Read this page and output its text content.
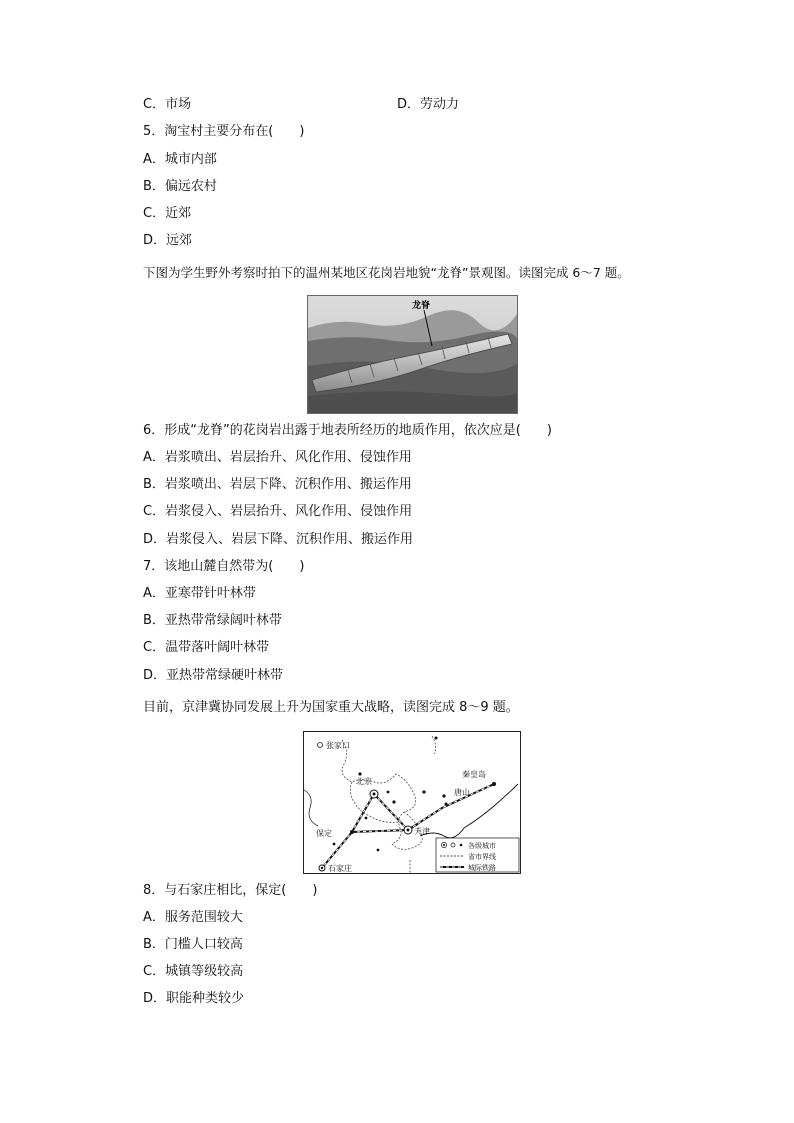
C．市场	D．劳动力
5．淘宝村主要分布在(　　)
A．城市内部
B．偏远农村
C．近郊
D．远郊
下图为学生野外考察时拍下的温州某地区花岗岩地貌“龙脊”景观图。读图完成 6～7 题。
龙脊
6．形成“龙脊”的花岗岩出露于地表所经历的地质作用，依次应是(　　)
A．岩浆喷出、岩层抬升、风化作用、侵蚀作用
B．岩浆喷出、岩层下降、沉积作用、搬运作用
C．岩浆侵入、岩层抬升、风化作用、侵蚀作用
D．岩浆侵入、岩层下降、沉积作用、搬运作用
7．该地山麓自然带为(　　)
A．亚寒带针叶林带
B．亚热带常绿阔叶林带
C．温带落叶阔叶林带
D．亚热带常绿硬叶林带
目前，京津冀协同发展上升为国家重大战略，读图完成 8～9 题。
张家口
北京
秦皇岛
唐山
天津
保定
石家庄
各级城市
省市界线
城际铁路
8．与石家庄相比，保定(　　)
A．服务范围较大
B．门槛人口较高
C．城镇等级较高
D．职能种类较少
